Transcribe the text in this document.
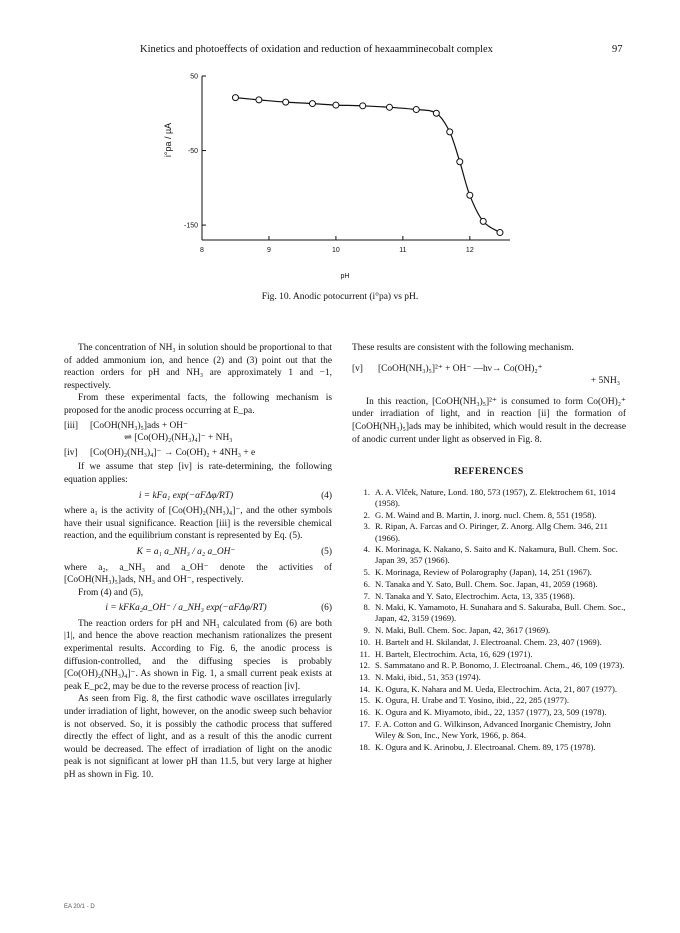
Kinetics and photoeffects of oxidation and reduction of hexaamminecobalt complex	97
8	9	10	11	12
50
-50
-150
i°pa / µA
pH
Fig. 10. Anodic potocurrent (i°pa) vs pH.

The concentration of NH₃ in solution should be proportional to that of added ammonium ion, and hence (2) and (3) point out that the reaction orders for pH and NH₃ are approximately 1 and −1, respectively.

From these experimental facts, the following mechanism is proposed for the anodic process occurring at E_pa.

[iii] [CoOH(NH₃)₅]ads + OH⁻
⇌ [Co(OH)₂(NH₃)₄]⁻ + NH₃
[iv] [Co(OH)₂(NH₃)₄]⁻ → Co(OH)₂ + 4NH₃ + e

If we assume that step [iv] is rate-determining, the following equation applies:

i = kFa₁ exp(−αFΔφ/RT)	(4)

where a₁ is the activity of [Co(OH)₂(NH₃)₄]⁻, and the other symbols have their usual significance. Reaction [iii] is the reversible chemical reaction, and the equilibrium constant is represented by Eq. (5).

K = a₁ a_NH₃ / a₂ a_OH⁻	(5)

where a₂, a_NH₃ and a_OH⁻ denote the activities of [CoOH(NH₃)₅]ads, NH₃ and OH⁻, respectively.

From (4) and (5),

i = kFKa₂a_OH⁻ / a_NH₃ exp(−αFΔφ/RT)	(6)

The reaction orders for pH and NH₃ calculated from (6) are both |1|, and hence the above reaction mechanism rationalizes the present experimental results. According to Fig. 6, the anodic process is diffusion-controlled, and the diffusing species is probably [Co(OH)₂(NH₃)₄]⁻. As shown in Fig. 1, a small current peak exists at peak E_pc2, may be due to the reverse process of reaction [iv].

As seen from Fig. 8, the first cathodic wave oscillates irregularly under irradiation of light, however, on the anodic sweep such behavior is not observed. So, it is possibly the cathodic process that suffered directly the effect of light, and as a result of this the anodic current would be decreased. The effect of irradiation of light on the anodic peak is not significant at lower pH than 11.5, but very large at higher pH as shown in Fig. 10.

These results are consistent with the following mechanism.

[v] [CoOH(NH₃)₅]²⁺ + OH⁻ —hν→ Co(OH)₂⁺
+ 5NH₃

In this reaction, [CoOH(NH₃)₅]²⁺ is consumed to form Co(OH)₂⁺ under irradiation of light, and in reaction [ii] the formation of [CoOH(NH₃)₅]ads may be inhibited, which would result in the decrease of anodic current under light as observed in Fig. 8.

REFERENCES
1. A. A. Vlček, Nature, Lond. 180, 573 (1957), Z. Elektrochem 61, 1014 (1958).
2. G. M. Waind and B. Martin, J. inorg. nucl. Chem. 8, 551 (1958).
3. R. Ripan, A. Farcas and O. Piringer, Z. Anorg. Allg Chem. 346, 211 (1966).
4. K. Morinaga, K. Nakano, S. Saito and K. Nakamura, Bull. Chem. Soc. Japan 39, 357 (1966).
5. K. Morinaga, Review of Polarography (Japan), 14, 251 (1967).
6. N. Tanaka and Y. Sato, Bull. Chem. Soc. Japan, 41, 2059 (1968).
7. N. Tanaka and Y. Sato, Electrochim. Acta, 13, 335 (1968).
8. N. Maki, K. Yamamoto, H. Sunahara and S. Sakuraba, Bull. Chem. Soc., Japan, 42, 3159 (1969).
9. N. Maki, Bull. Chem. Soc. Japan, 42, 3617 (1969).
10. H. Bartelt and H. Skilandat, J. Electroanal. Chem. 23, 407 (1969).
11. H. Bartelt, Electrochim. Acta, 16, 629 (1971).
12. S. Sammatano and R. P. Bonomo, J. Electroanal. Chem., 46, 109 (1973).
13. N. Maki, ibid., 51, 353 (1974).
14. K. Ogura, K. Nahara and M. Ueda, Electrochim. Acta, 21, 807 (1977).
15. K. Ogura, H. Urabe and T. Yosino, ibid., 22, 285 (1977).
16. K. Ogura and K. Miyamoto, ibid., 22, 1357 (1977), 23, 509 (1978).
17. F. A. Cotton and G. Wilkinson, Advanced Inorganic Chemistry, John Wiley & Son, Inc., New York, 1966, p. 864.
18. K. Ogura and K. Arinobu, J. Electroanal. Chem. 89, 175 (1978).
EA 20/1 - D
